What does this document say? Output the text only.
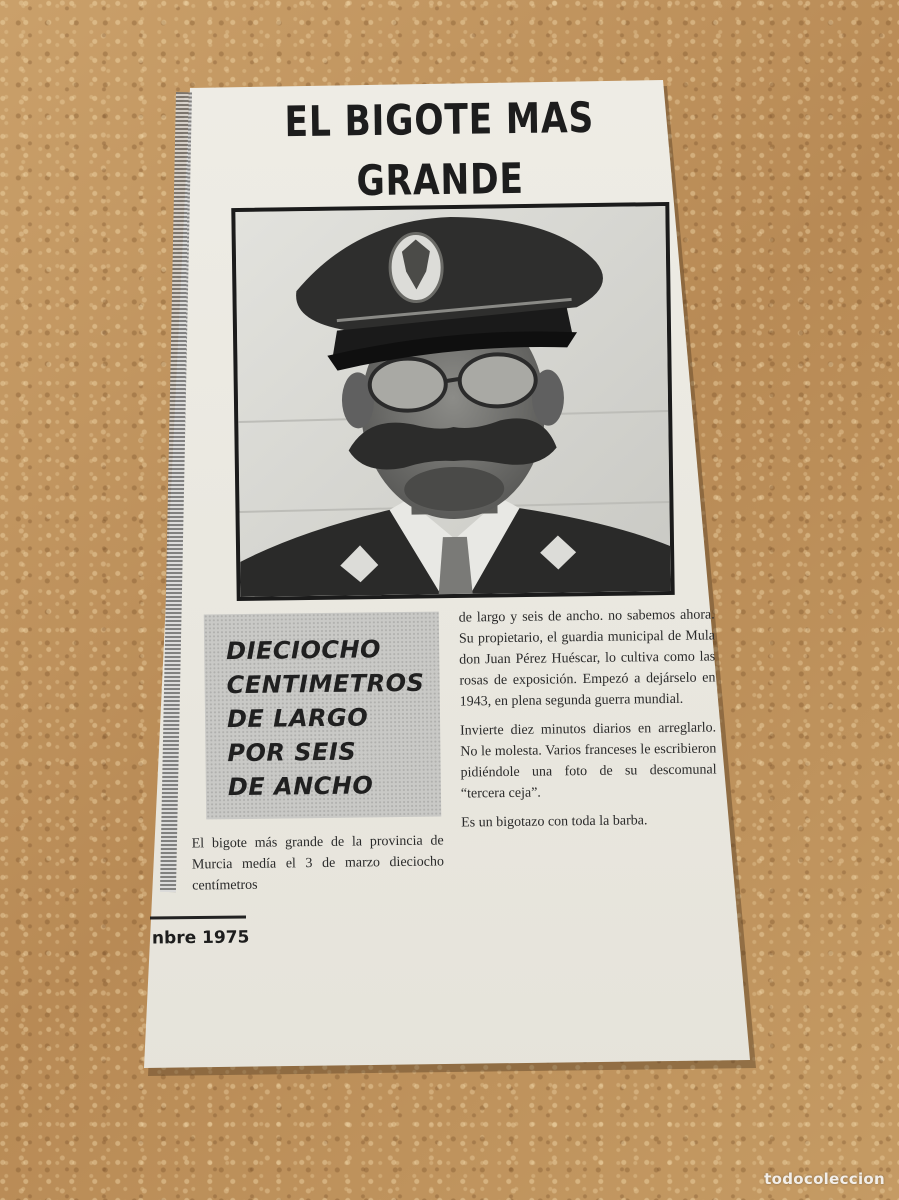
EL BIGOTE MAS GRANDE
DIECIOCHO
CENTIMETROS
DE LARGO
POR SEIS
DE ANCHO

El bigote más grande de la provincia de Murcia medía el 3 de marzo dieciocho centímetros

de largo y seis de ancho. no sabemos ahora. Su propietario, el guardia municipal de Mula don Juan Pérez Huéscar, lo cultiva como las rosas de exposición. Empezó a dejárselo en 1943, en plena segunda guerra mundial.

Invierte diez minutos diarios en arreglarlo. No le molesta. Varios franceses le escribieron pidiéndole una foto de su descomunal “tercera ceja”.

Es un bigotazo con toda la barba.

nbre 1975
todocoleccion
